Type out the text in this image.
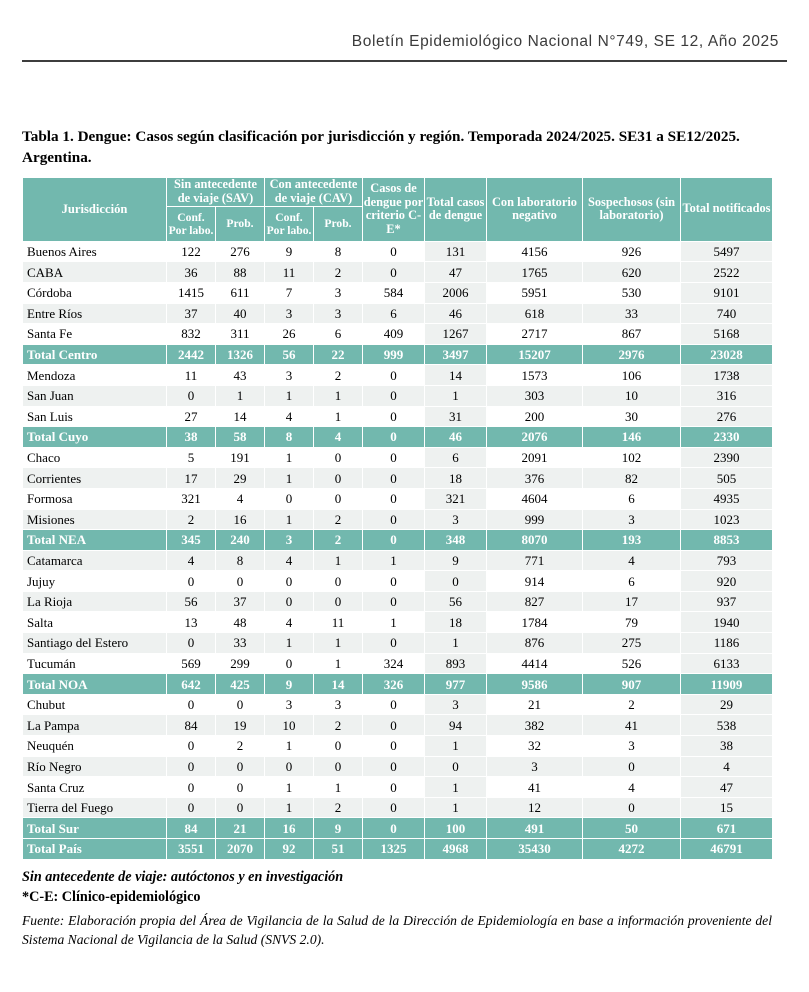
Boletín Epidemiológico Nacional N°749, SE 12, Año 2025
Tabla 1. Dengue: Casos según clasificación por jurisdicción y región. Temporada 2024/2025. SE31 a SE12/2025. Argentina.
Jurisdicción	Sin antecedente de viaje (SAV)		Con antecedente de viaje (CAV)		Casos de dengue por criterio C-E*	Total casos de dengue	Con laboratorio negativo	Sospechosos (sin laboratorio)	Total notificados
	Conf. Por labo.	Prob.	Conf. Por labo.	Prob.					
Buenos Aires	122	276	9	8	0	131	4156	926	5497
CABA	36	88	11	2	0	47	1765	620	2522
Córdoba	1415	611	7	3	584	2006	5951	530	9101
Entre Ríos	37	40	3	3	6	46	618	33	740
Santa Fe	832	311	26	6	409	1267	2717	867	5168
Total Centro	2442	1326	56	22	999	3497	15207	2976	23028
Mendoza	11	43	3	2	0	14	1573	106	1738
San Juan	0	1	1	1	0	1	303	10	316
San Luis	27	14	4	1	0	31	200	30	276
Total Cuyo	38	58	8	4	0	46	2076	146	2330
Chaco	5	191	1	0	0	6	2091	102	2390
Corrientes	17	29	1	0	0	18	376	82	505
Formosa	321	4	0	0	0	321	4604	6	4935
Misiones	2	16	1	2	0	3	999	3	1023
Total NEA	345	240	3	2	0	348	8070	193	8853
Catamarca	4	8	4	1	1	9	771	4	793
Jujuy	0	0	0	0	0	0	914	6	920
La Rioja	56	37	0	0	0	56	827	17	937
Salta	13	48	4	11	1	18	1784	79	1940
Santiago del Estero	0	33	1	1	0	1	876	275	1186
Tucumán	569	299	0	1	324	893	4414	526	6133
Total NOA	642	425	9	14	326	977	9586	907	11909
Chubut	0	0	3	3	0	3	21	2	29
La Pampa	84	19	10	2	0	94	382	41	538
Neuquén	0	2	1	0	0	1	32	3	38
Río Negro	0	0	0	0	0	0	3	0	4
Santa Cruz	0	0	1	1	0	1	41	4	47
Tierra del Fuego	0	0	1	2	0	1	12	0	15
Total Sur	84	21	16	9	0	100	491	50	671
Total País	3551	2070	92	51	1325	4968	35430	4272	46791
Sin antecedente de viaje: autóctonos y en investigación
*C-E: Clínico-epidemiológico
Fuente: Elaboración propia del Área de Vigilancia de la Salud de la Dirección de Epidemiología en base a información proveniente del Sistema Nacional de Vigilancia de la Salud (SNVS 2.0).
